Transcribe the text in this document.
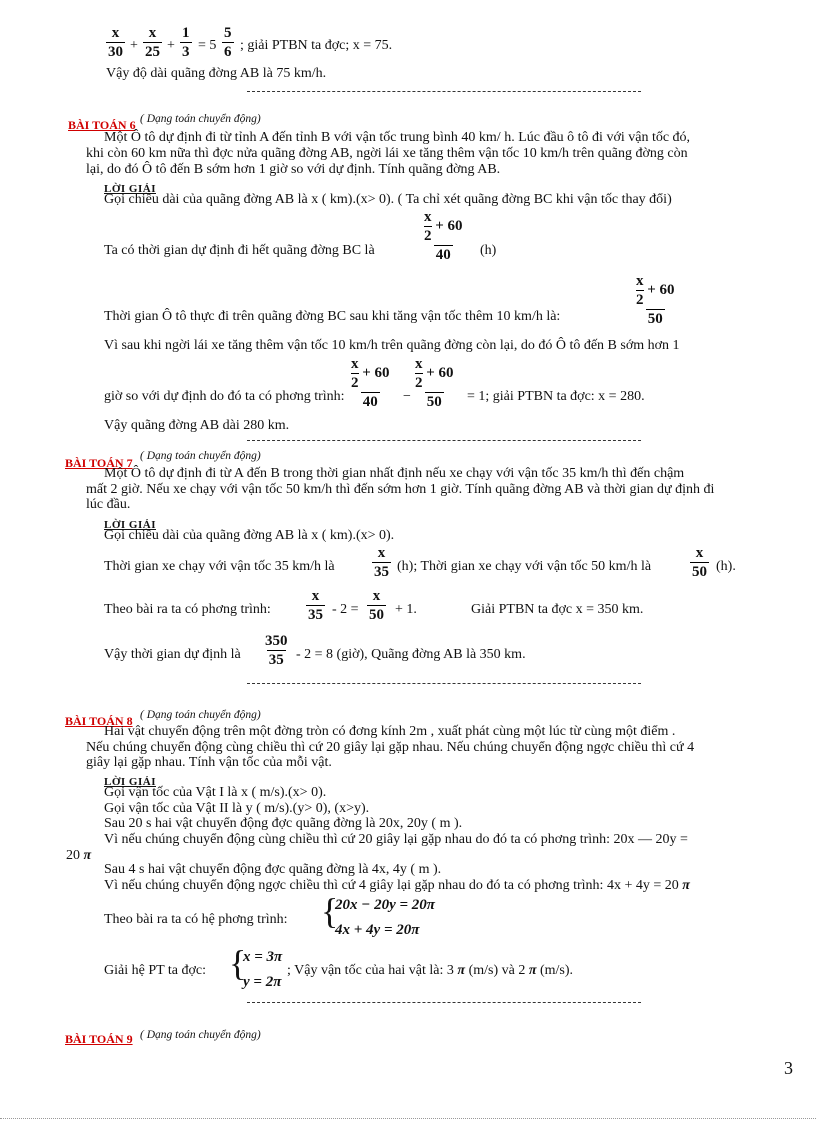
$\frac{x}{30} + \frac{x}{25} + \frac{1}{3} = 5 \frac{5}{6}$ ; giải PTBN ta đợc; x = 75.
Vậy độ dài quãng đờng AB là 75 km/h.
BÀI TOÁN 6 ( Dạng toán chuyển động)
Một Ô tô dự định đi từ tỉnh A đến tỉnh B với vận tốc trung bình 40 km/ h. Lúc đầu ô tô đi với vận tốc đó,
khi còn 60 km nữa thì đợc nửa quãng đờng AB, ngời lái xe tăng thêm vận tốc 10 km/h trên quãng đờng còn
lại, do đó Ô tô đến B sớm hơn 1 giờ so với dự định. Tính quãng đờng AB.
LỜI GIẢI
Gọi chiều dài của quãng đờng AB là x ( km).(x> 0). ( Ta chỉ xét quãng đờng BC khi vận tốc thay đổi)
Ta có thời gian dự định đi hết quãng đờng BC là	$\frac{\frac{x}{2} + 60}{40} (h)$
Thời gian Ô tô thực đi trên quãng đờng BC sau khi tăng vận tốc thêm 10 km/h là:	$\frac{\frac{x}{2} + 60}{50}$
Vì sau khi ngời lái xe tăng thêm vận tốc 10 km/h trên quãng đờng còn lại, do đó Ô tô đến B sớm hơn 1
giờ so với dự định do đó ta có phơng trình: $\frac{\frac{x}{2} + 60}{40} - \frac{\frac{x}{2} + 60}{50} = 1$; giải PTBN ta đợc: x = 280.
Vậy quãng đờng AB dài 280 km.
BÀI TOÁN 7 ( Dạng toán chuyển động)
Một Ô tô dự định đi từ A đến B trong thời gian nhất định nếu xe chạy với vận tốc 35 km/h thì đến chậm
mất 2 giờ. Nếu xe chạy với vận tốc 50 km/h thì đến sớm hơn 1 giờ. Tính quãng đờng AB và thời gian dự định đi
lúc đầu.
LỜI GIẢI
Gọi chiều dài của quãng đờng AB là x ( km).(x> 0).
Thời gian xe chạy với vận tốc 35 km/h là $\frac{x}{35} (h)$; Thời gian xe chạy với vận tốc 50 km/h là	$\frac{x}{50} (h)$.
Theo bài ra ta có phơng trình: $\frac{x}{35} - 2 = \frac{x}{50} + 1$.	Giải PTBN ta đợc x = 350 km.
Vậy thời gian dự định là $\frac{350}{35} - 2 = 8$ (giờ), Quãng đờng AB là 350 km.
BÀI TOÁN 8 ( Dạng toán chuyển động)
Hai vật chuyển động trên một đờng tròn có đơng kính 2m , xuất phát cùng một lúc từ cùng một điểm .
Nếu chúng chuyển động cùng chiều thì cứ 20 giây lại gặp nhau. Nếu chúng chuyển động ngợc chiều thì cứ 4
giây lại gặp nhau. Tính vận tốc của mỗi vật.
LỜI GIẢI
Gọi vận tốc của Vật I là x ( m/s).(x> 0).
Gọi vận tốc của Vật II là y ( m/s).(y> 0), (x>y).
Sau 20 s hai vật chuyển động đợc quãng đờng là 20x, 20y ( m ).
Vì nếu chúng chuyển động cùng chiều thì cứ 20 giây lại gặp nhau do đó ta có phơng trình: 20x — 20y =
20 π
Sau 4 s hai vật chuyển động đợc quãng đờng là 4x, 4y ( m ).
Vì nếu chúng chuyển động ngợc chiều thì cứ 4 giây lại gặp nhau do đó ta có phơng trình: 4x + 4y = 20 π
Theo bài ra ta có hệ phơng trình: {
20x − 20y = 20π
4x + 4y = 20π
Giải hệ PT ta đợc: {
x = 3π
y = 2π
; Vậy vận tốc của hai vật là: 3 π (m/s) và 2 π (m/s).
BÀI TOÁN 9 ( Dạng toán chuyển động)
3
